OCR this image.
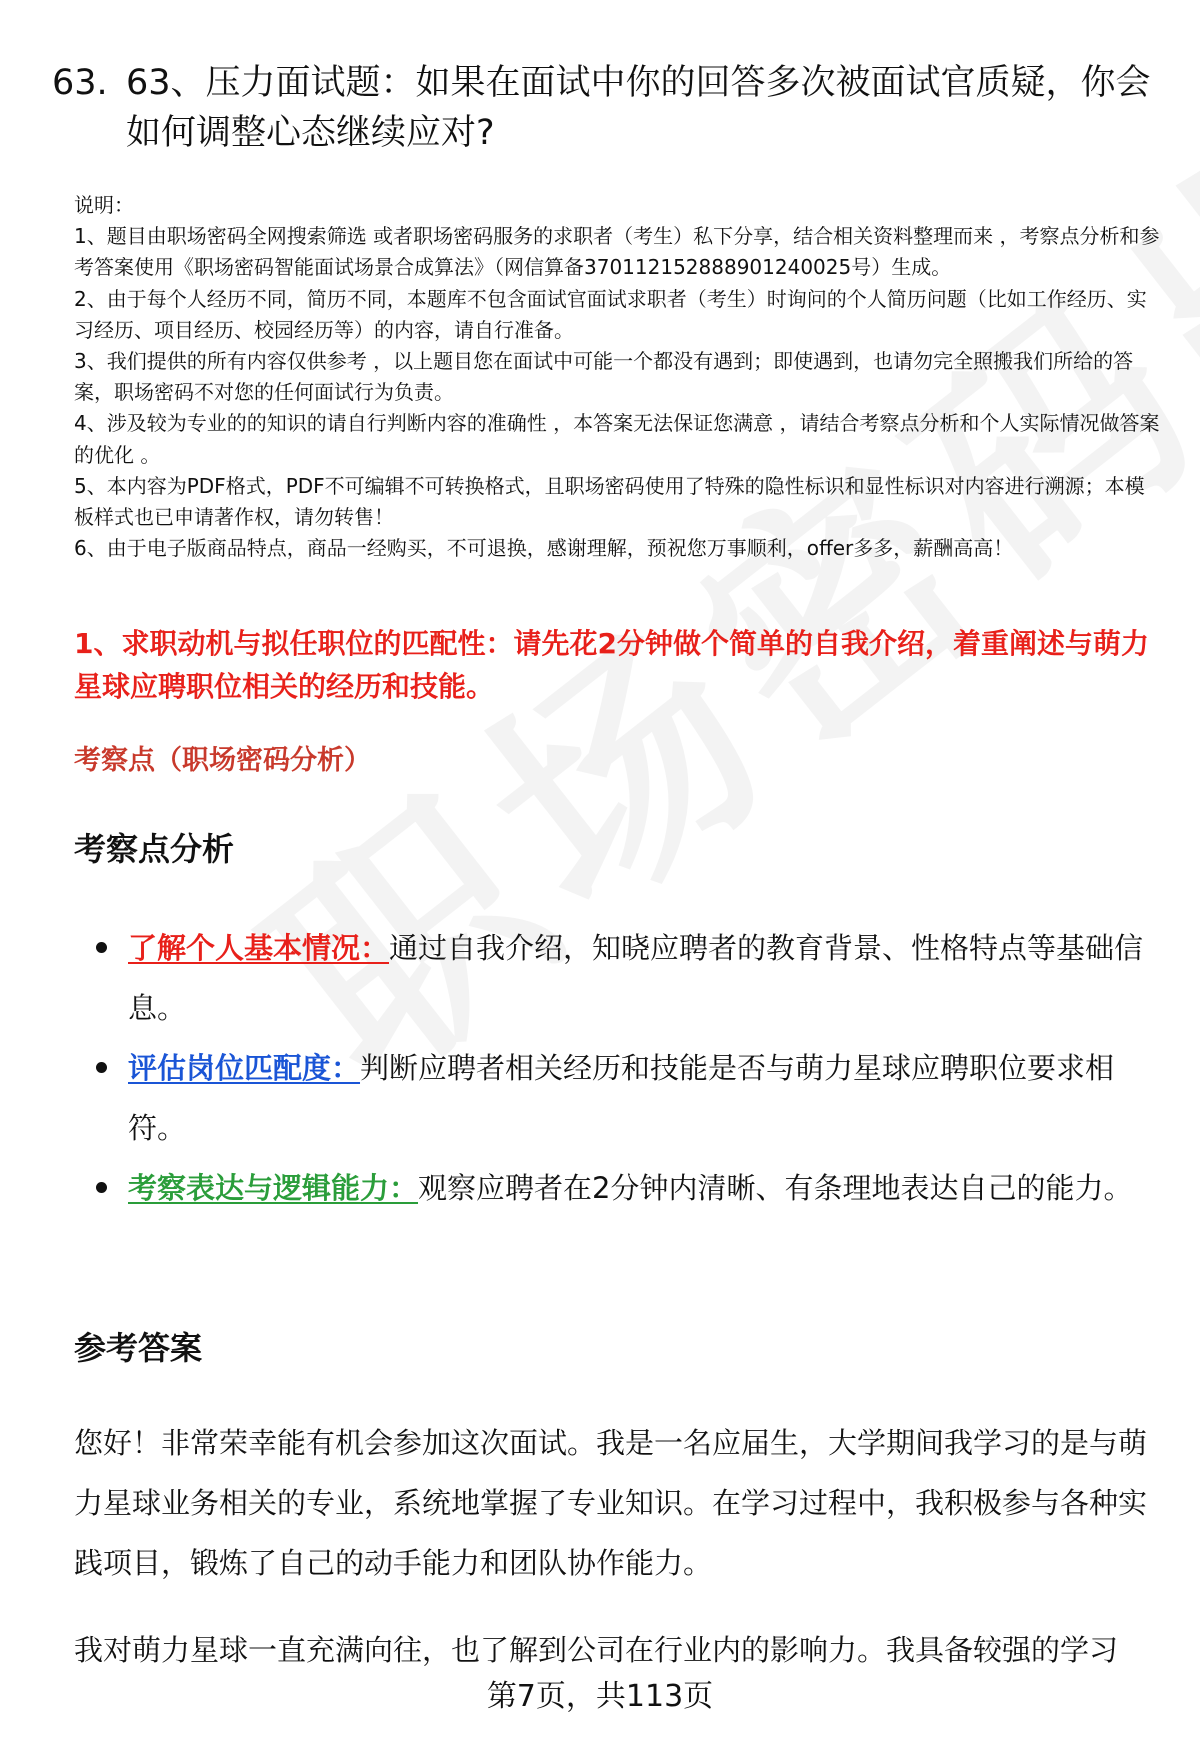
63. 63、压力面试题：如果在面试中你的回答多次被面试官质疑，你会如何调整心态继续应对?
说明：
1、题目由职场密码全网搜索筛选 或者职场密码服务的求职者（考生）私下分享，结合相关资料整理而来 ，考察点分析和参考答案使用《职场密码智能面试场景合成算法》（网信算备370112152888901240025号）生成。
2、由于每个人经历不同，简历不同，本题库不包含面试官面试求职者（考生）时询问的个人简历问题（比如工作经历、实习经历、项目经历、校园经历等）的内容，请自行准备。
3、我们提供的所有内容仅供参考 ，以上题目您在面试中可能一个都没有遇到；即使遇到，也请勿完全照搬我们所给的答案，职场密码不对您的任何面试行为负责。
4、涉及较为专业的的知识的请自行判断内容的准确性 ，本答案无法保证您满意 ，请结合考察点分析和个人实际情况做答案的优化 。
5、本内容为PDF格式，PDF不可编辑不可转换格式，且职场密码使用了特殊的隐性标识和显性标识对内容进行溯源；本模板样式也已申请著作权，请勿转售！
6、由于电子版商品特点，商品一经购买，不可退换，感谢理解，预祝您万事顺利，offer多多，薪酬高高！
1、求职动机与拟任职位的匹配性：请先花2分钟做个简单的自我介绍，着重阐述与萌力星球应聘职位相关的经历和技能。
考察点（职场密码分析）
考察点分析
了解个人基本情况：通过自我介绍，知晓应聘者的教育背景、性格特点等基础信息。
评估岗位匹配度：判断应聘者相关经历和技能是否与萌力星球应聘职位要求相符。
考察表达与逻辑能力：观察应聘者在2分钟内清晰、有条理地表达自己的能力。
参考答案

您好！非常荣幸能有机会参加这次面试。我是一名应届生，大学期间我学习的是与萌力星球业务相关的专业，系统地掌握了专业知识。在学习过程中，我积极参与各种实践项目，锻炼了自己的动手能力和团队协作能力。

我对萌力星球一直充满向往，也了解到公司在行业内的影响力。我具备较强的学习

第7页，共113页
